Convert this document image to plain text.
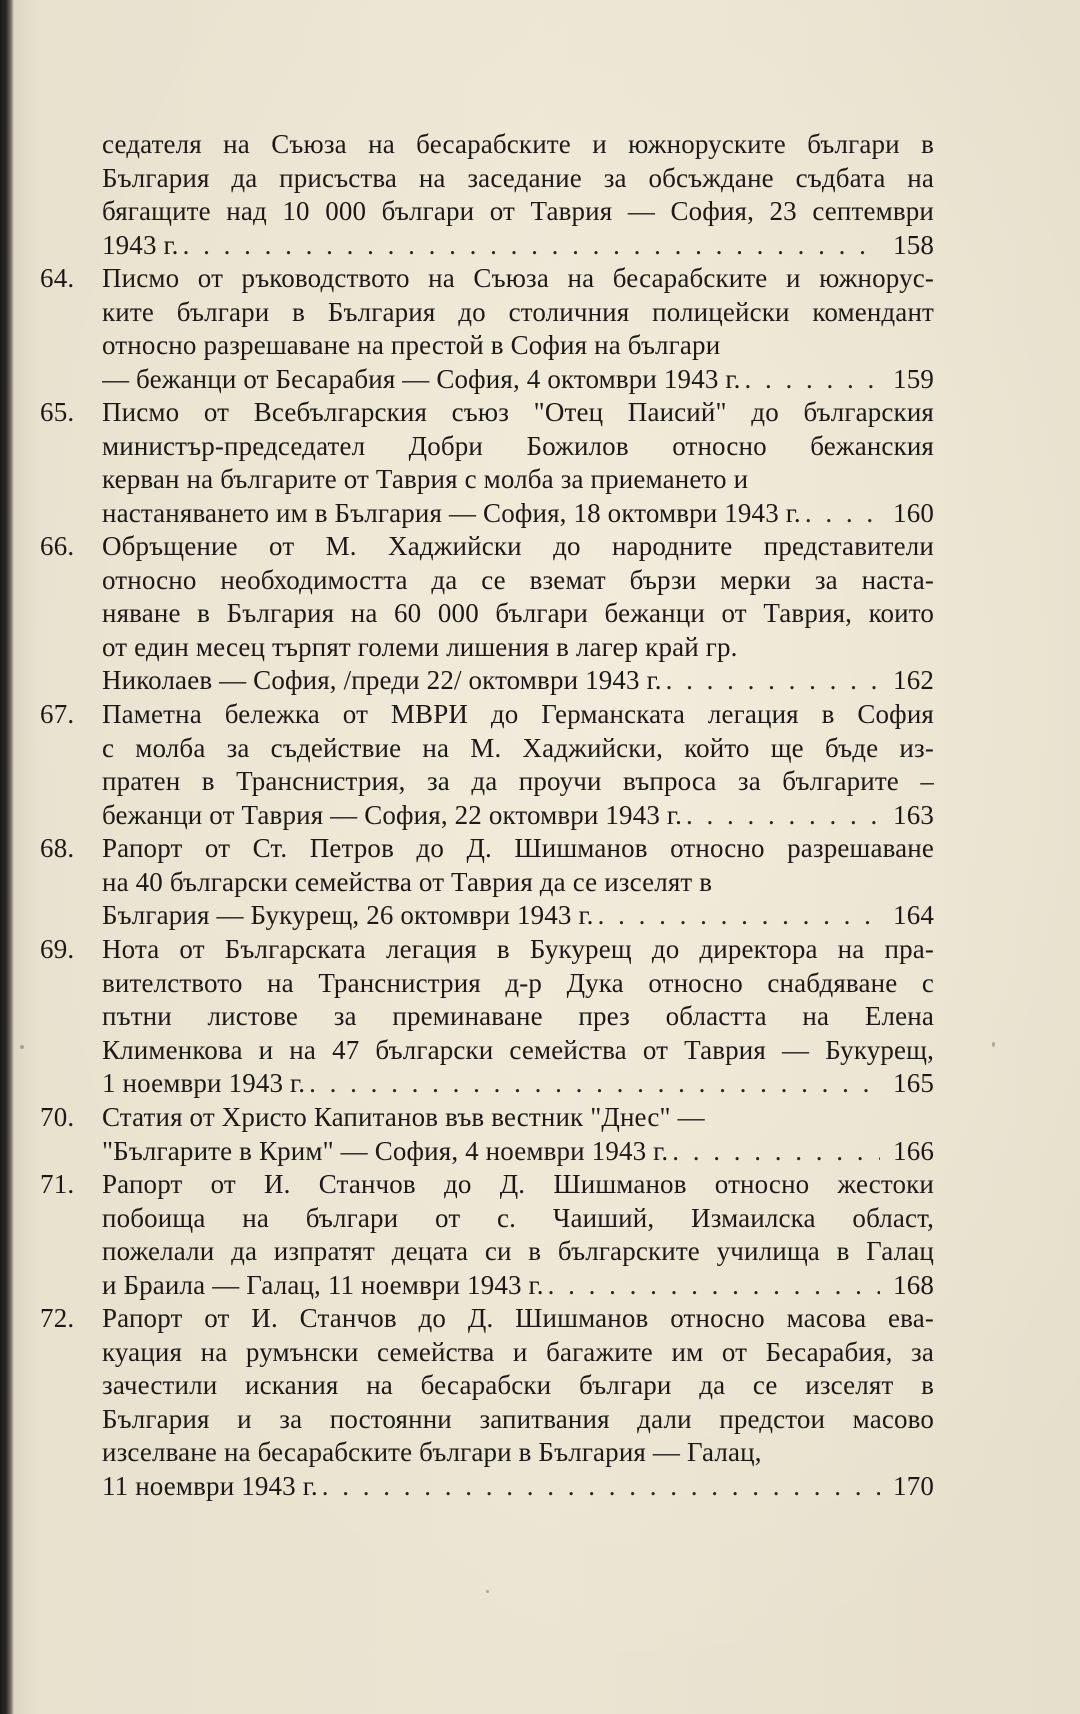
седателя на Съюза на бесарабските и южноруските българи в
България да присъства на заседание за обсъждане съдбата на
бягащите над 10 000 българи от Таврия — София, 23 септември
1943 г. . . .	158
64.	Писмо от ръководството на Съюза на бесарабските и южнорус-
ките българи в България до столичния полицейски комендант
относно разрешаване на престой в София на българи
— бежанци от Бесарабия — София, 4 октомври 1943 г. . . .	159
65.	Писмо от Всебългарския съюз "Отец Паисий" до българския
министър-председател Добри Божилов относно бежанския
керван на българите от Таврия с молба за приемането и
настаняването им в България — София, 18 октомври 1943 г. . . .	160
66.	Обръщение от М. Хаджийски до народните представители
относно необходимостта да се вземат бързи мерки за наста-
няване в България на 60 000 българи бежанци от Таврия, които
от един месец търпят големи лишения в лагер край гр.
Николаев — София, /преди 22/ октомври 1943 г. . . .	162
67.	Паметна бележка от МВРИ до Германската легация в София
с молба за съдействие на М. Хаджийски, който ще бъде из-
пратен в Транснистрия, за да проучи въпроса за българите –
бежанци от Таврия — София, 22 октомври 1943 г. . . .	163
68.	Рапорт от Ст. Петров до Д. Шишманов относно разрешаване
на 40 български семейства от Таврия да се изселят в
България — Букурещ, 26 октомври 1943 г. . . .	164
69.	Нота от Българската легация в Букурещ до директора на пра-
вителството на Транснистрия д-р Дука относно снабдяване с
пътни листове за преминаване през областта на Елена
Клименкова и на 47 български семейства от Таврия — Букурещ,
1 ноември 1943 г. . . .	165
70.	Статия от Христо Капитанов във вестник "Днес" —
"Българите в Крим" — София, 4 ноември 1943 г. . . .	166
71.	Рапорт от И. Станчов до Д. Шишманов относно жестоки
побоища на българи от с. Чаиший, Измаилска област,
пожелали да изпратят децата си в българските училища в Галац
и Браила — Галац, 11 ноември 1943 г. . . .	168
72.	Рапорт от И. Станчов до Д. Шишманов относно масова ева-
куация на румънски семейства и багажите им от Бесарабия, за
зачестили искания на бесарабски българи да се изселят в
България и за постоянни запитвания дали предстои масово
изселване на бесарабските българи в България — Галац,
11 ноември 1943 г. . . .	170
